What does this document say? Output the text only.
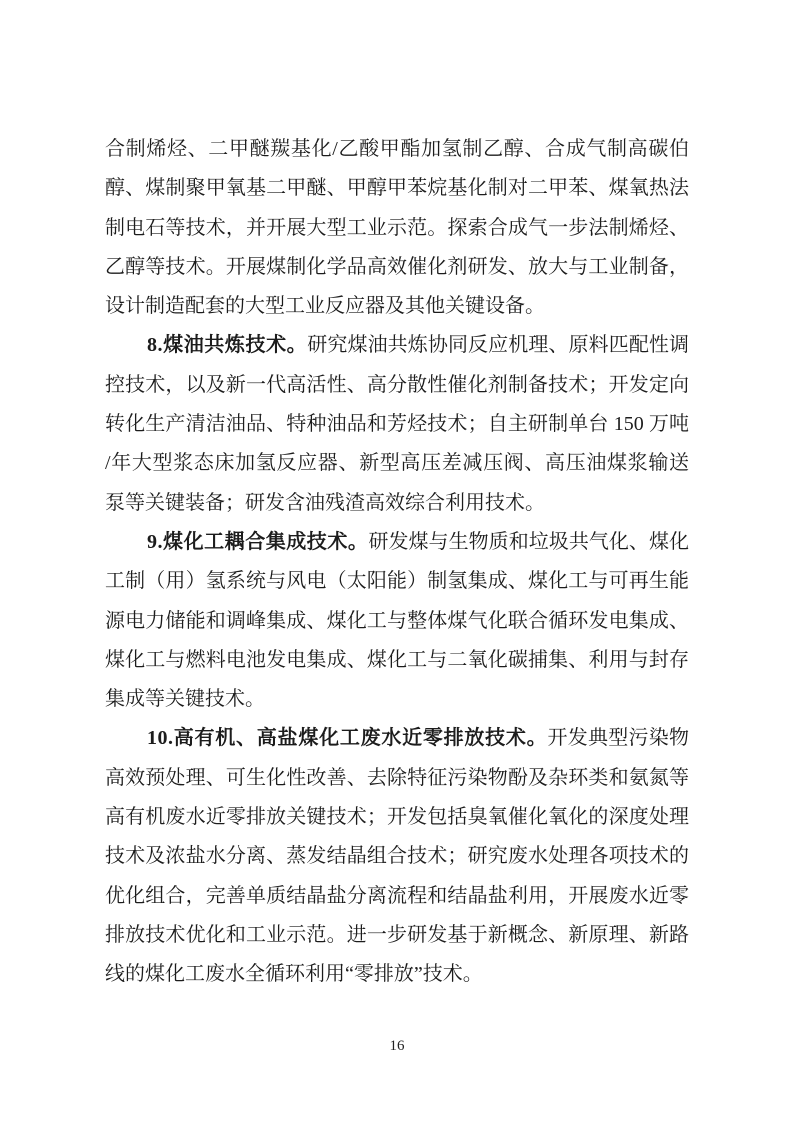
合制烯烃、二甲醚羰基化/乙酸甲酯加氢制乙醇、合成气制高碳伯
醇、煤制聚甲氧基二甲醚、甲醇甲苯烷基化制对二甲苯、煤氧热法
制电石等技术，并开展大型工业示范。探索合成气一步法制烯烃、
乙醇等技术。开展煤制化学品高效催化剂研发、放大与工业制备，
设计制造配套的大型工业反应器及其他关键设备。
8.煤油共炼技术。研究煤油共炼协同反应机理、原料匹配性调
控技术，以及新一代高活性、高分散性催化剂制备技术；开发定向
转化生产清洁油品、特种油品和芳烃技术；自主研制单台 150 万吨
/年大型浆态床加氢反应器、新型高压差减压阀、高压油煤浆输送
泵等关键装备；研发含油残渣高效综合利用技术。
9.煤化工耦合集成技术。研发煤与生物质和垃圾共气化、煤化
工制（用）氢系统与风电（太阳能）制氢集成、煤化工与可再生能
源电力储能和调峰集成、煤化工与整体煤气化联合循环发电集成、
煤化工与燃料电池发电集成、煤化工与二氧化碳捕集、利用与封存
集成等关键技术。
10.高有机、高盐煤化工废水近零排放技术。开发典型污染物
高效预处理、可生化性改善、去除特征污染物酚及杂环类和氨氮等
高有机废水近零排放关键技术；开发包括臭氧催化氧化的深度处理
技术及浓盐水分离、蒸发结晶组合技术；研究废水处理各项技术的
优化组合，完善单质结晶盐分离流程和结晶盐利用，开展废水近零
排放技术优化和工业示范。进一步研发基于新概念、新原理、新路
线的煤化工废水全循环利用“零排放”技术。
16
